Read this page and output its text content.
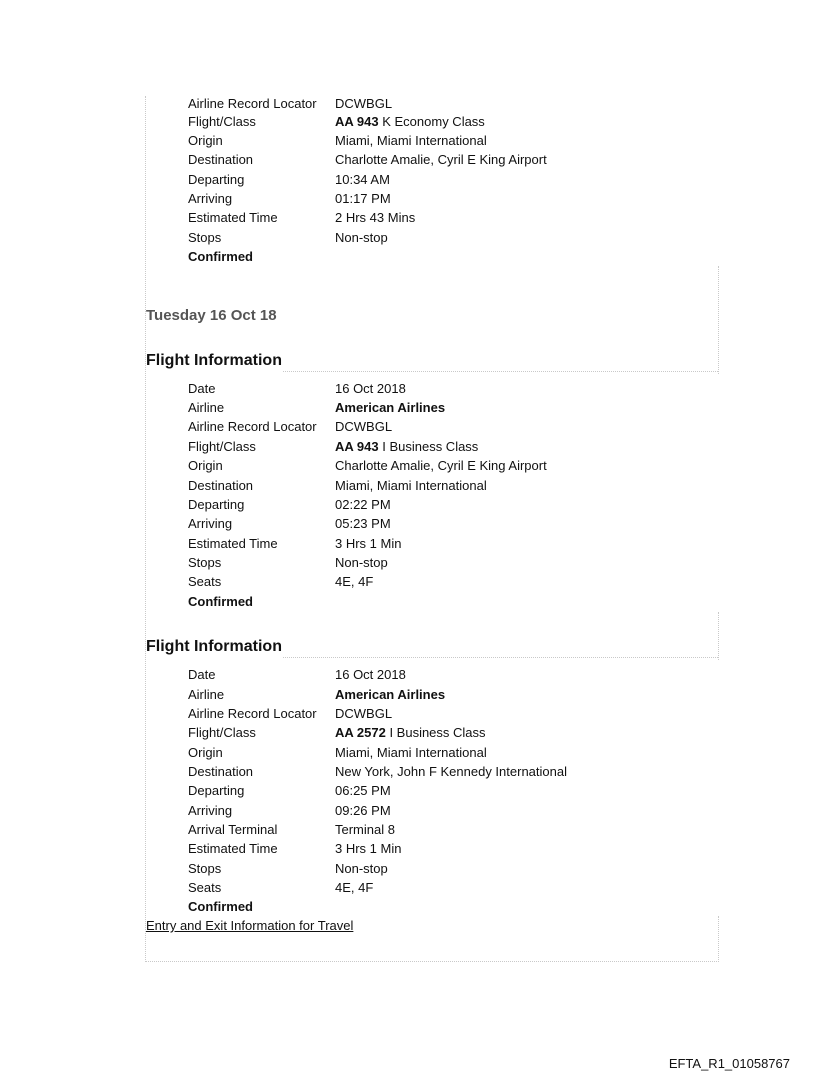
Airline Record Locator	DCWBGL
Flight/Class	AA 943 K Economy Class
Origin	Miami, Miami International
Destination	Charlotte Amalie, Cyril E King Airport
Departing	10:34 AM
Arriving	01:17 PM
Estimated Time	2 Hrs 43 Mins
Stops	Non-stop
Confirmed
Tuesday 16 Oct 18
Flight Information
Date	16 Oct 2018
Airline	American Airlines
Airline Record Locator	DCWBGL
Flight/Class	AA 943 I Business Class
Origin	Charlotte Amalie, Cyril E King Airport
Destination	Miami, Miami International
Departing	02:22 PM
Arriving	05:23 PM
Estimated Time	3 Hrs 1 Min
Stops	Non-stop
Seats	4E, 4F
Confirmed
Flight Information
Date	16 Oct 2018
Airline	American Airlines
Airline Record Locator	DCWBGL
Flight/Class	AA 2572 I Business Class
Origin	Miami, Miami International
Destination	New York, John F Kennedy International
Departing	06:25 PM
Arriving	09:26 PM
Arrival Terminal	Terminal 8
Estimated Time	3 Hrs 1 Min
Stops	Non-stop
Seats	4E, 4F
Confirmed
Entry and Exit Information for Travel
EFTA_R1_01058767
